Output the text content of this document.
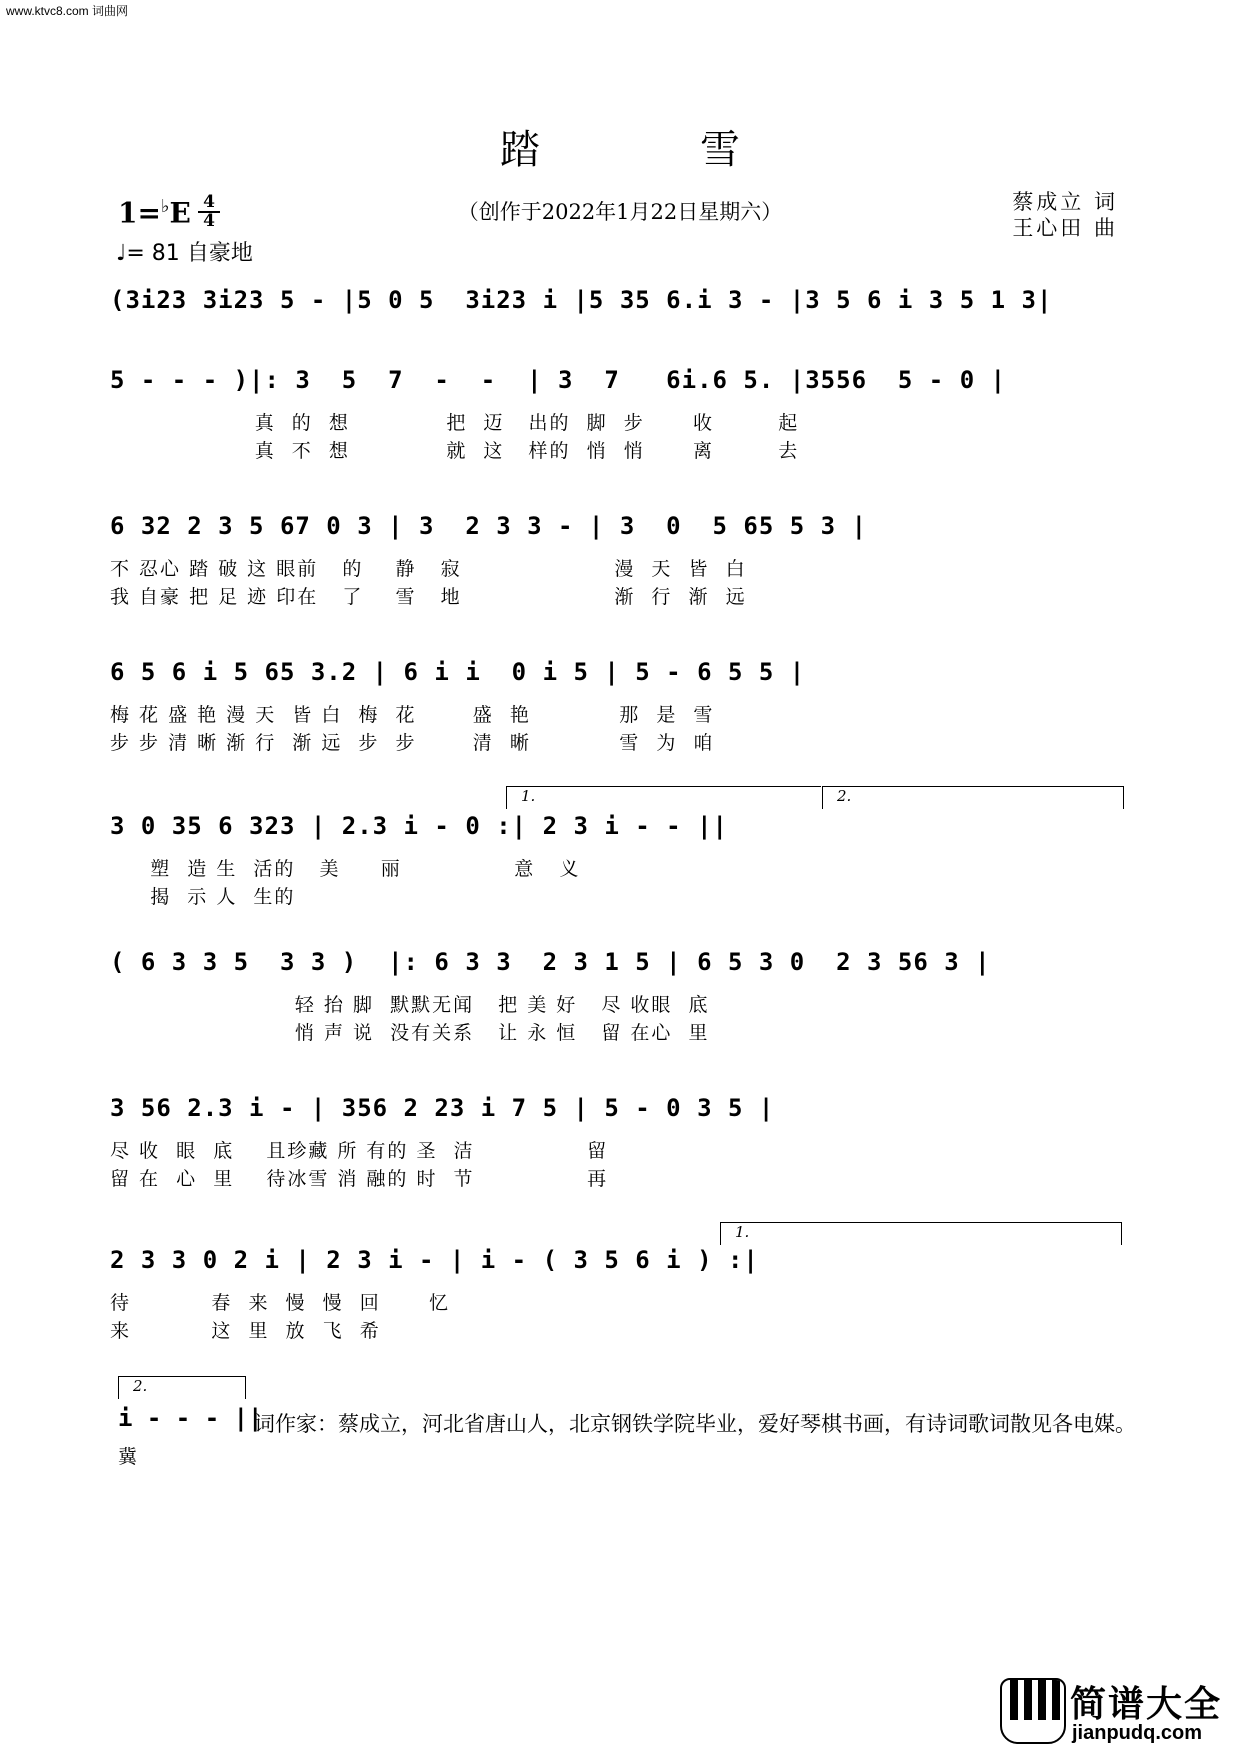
www.ktvc8.com 词曲网
踏雪
1=♭E 4
4
♩= 81 自豪地
（创作于2022年1月22日星期六）	蔡成立 词
王心田 曲
(3i23 3i23 5 - |5 0 5  3i23 i |5 35 6.i 3 - |3 5 6 i 3 5 1 3|
5 - - - )|: 3  5  7  -  -  | 3  7   6i.6 5. |3556  5 - 0 |
真  的  想            把  迈   出的  脚  步      收        起
真  不  想            就  这   样的  悄  悄      离        去
6 32 2 3 5 67 0 3 | 3  2 3 3 - | 3  0  5 65 5 3 |
不 忍心 踏 破 这 眼前   的    静   寂                   漫  天  皆  白
我 自豪 把 足 迹 印在   了    雪   地                   渐  行  渐  远
6 5 6 i 5 65 3.2 | 6 i i  0 i 5 | 5 - 6 5 5 |
梅 花 盛 艳 漫 天  皆 白  梅  花       盛  艳           那  是  雪
步 步 清 晰 渐 行  渐 远  步  步       清  晰           雪  为  咱
1.	2.
3 0 35 6 323 | 2.3 i - 0 :| 2 3 i - - ||
塑  造 生  活的   美     丽              意   义
揭  示 人  生的
( 6 3 3 5  3 3 )  |: 6 3 3  2 3 1 5 | 6 5 3 0  2 3 56 3 |
轻 抬 脚  默默无闻   把 美 好   尽 收眼  底
悄 声 说  没有关系   让 永 恒   留 在心  里
3 56 2.3 i - | 356 2 23 i 7 5 | 5 - 0 3 5 |
尽 收  眼  底    且珍藏 所 有的 圣  洁              留
留 在  心  里    待冰雪 消 融的 时  节              再
1.
2 3 3 0 2 i | 2 3 i - | i - ( 3 5 6 i ) :|
待          春  来  慢  慢  回      忆
来          这  里  放  飞  希
2.
i - - - ||
词作家：蔡成立，河北省唐山人，北京钢铁学院毕业，爱好琴棋书画，有诗词歌词散见各电媒。
冀
简谱大全
jianpudq.com
